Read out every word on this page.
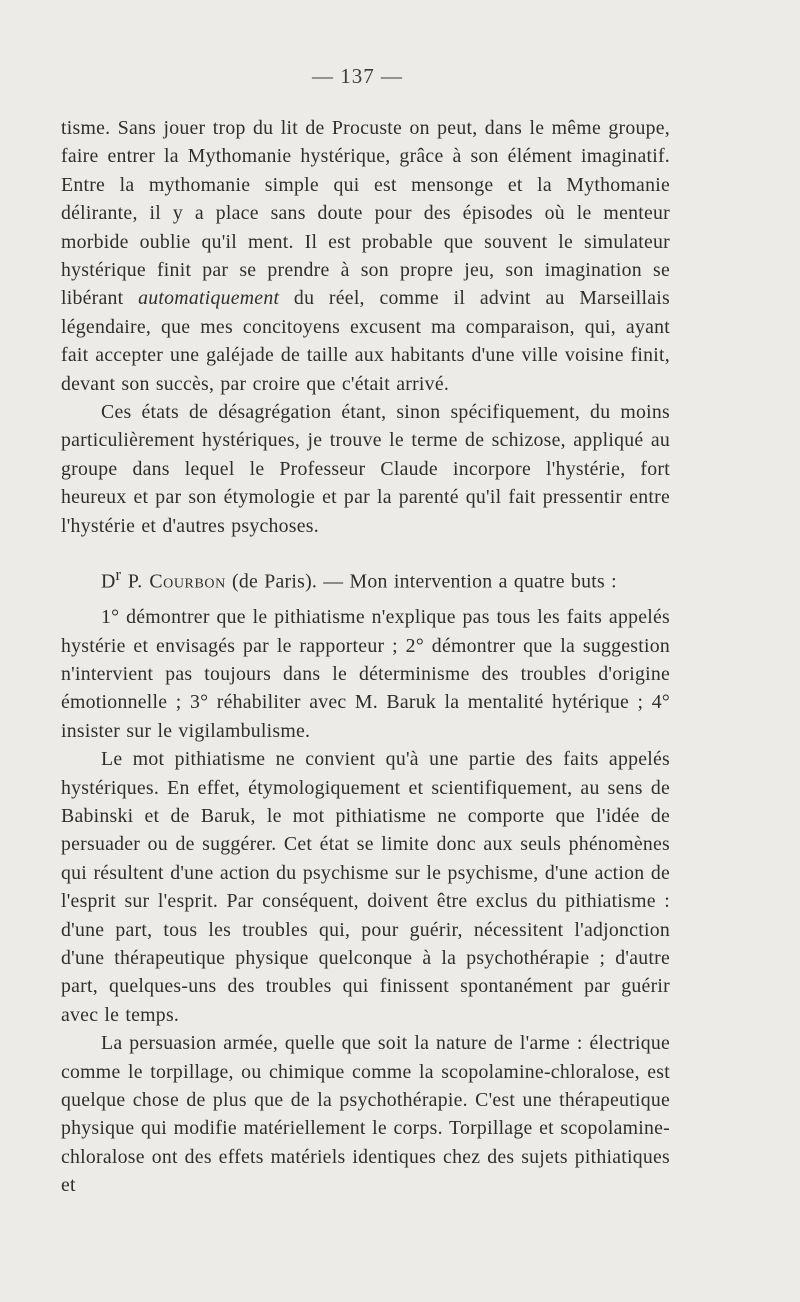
— 137 —

tisme. Sans jouer trop du lit de Procuste on peut, dans le même groupe, faire entrer la Mythomanie hystérique, grâce à son élément imaginatif. Entre la mythomanie simple qui est mensonge et la Mythomanie délirante, il y a place sans doute pour des épisodes où le menteur morbide oublie qu'il ment. Il est probable que souvent le simulateur hystérique finit par se prendre à son propre jeu, son imagination se libérant automatiquement du réel, comme il advint au Marseillais légendaire, que mes concitoyens excusent ma comparaison, qui, ayant fait accepter une galéjade de taille aux habitants d'une ville voisine finit, devant son succès, par croire que c'était arrivé.

Ces états de désagrégation étant, sinon spécifiquement, du moins particulièrement hystériques, je trouve le terme de schizose, appliqué au groupe dans lequel le Professeur Claude incorpore l'hystérie, fort heureux et par son étymologie et par la parenté qu'il fait pressentir entre l'hystérie et d'autres psychoses.

$D^r$ P. Courbon (de Paris). — Mon intervention a quatre buts :

1° démontrer que le pithiatisme n'explique pas tous les faits appelés hystérie et envisagés par le rapporteur ; 2° démontrer que la suggestion n'intervient pas toujours dans le déterminisme des troubles d'origine émotionnelle ; 3° réhabiliter avec M. Baruk la mentalité hytérique ; 4° insister sur le vigilambulisme.

Le mot pithiatisme ne convient qu'à une partie des faits appelés hystériques. En effet, étymologiquement et scientifiquement, au sens de Babinski et de Baruk, le mot pithiatisme ne comporte que l'idée de persuader ou de suggérer. Cet état se limite donc aux seuls phénomènes qui résultent d'une action du psychisme sur le psychisme, d'une action de l'esprit sur l'esprit. Par conséquent, doivent être exclus du pithiatisme : d'une part, tous les troubles qui, pour guérir, nécessitent l'adjonction d'une thérapeutique physique quelconque à la psychothérapie ; d'autre part, quelques-uns des troubles qui finissent spontanément par guérir avec le temps.

La persuasion armée, quelle que soit la nature de l'arme : électrique comme le torpillage, ou chimique comme la scopolamine-chloralose, est quelque chose de plus que de la psychothérapie. C'est une thérapeutique physique qui modifie matériellement le corps. Torpillage et scopolamine-chloralose ont des effets matériels identiques chez des sujets pithiatiques et
